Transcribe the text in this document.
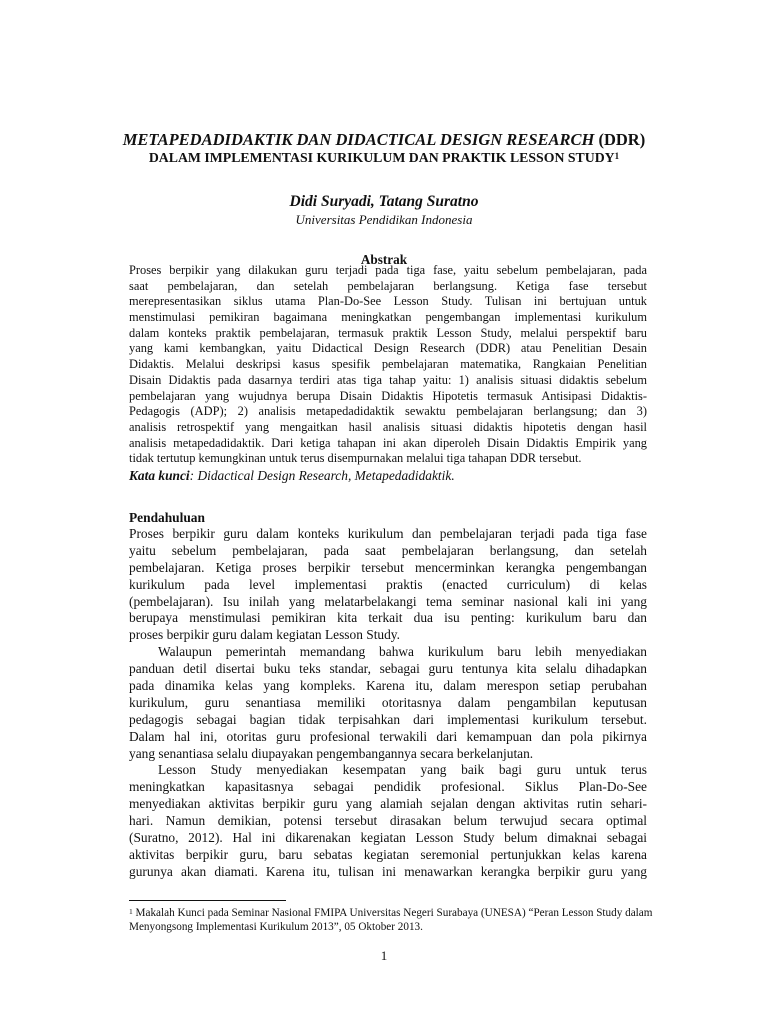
METAPEDADIDAKTIK DAN DIDACTICAL DESIGN RESEARCH (DDR)
DALAM IMPLEMENTASI KURIKULUM DAN PRAKTIK LESSON STUDY$^1$
Didi Suryadi, Tatang Suratno
Universitas Pendidikan Indonesia
Abstrak
Proses berpikir yang dilakukan guru terjadi pada tiga fase, yaitu sebelum pembelajaran, pada
saat pembelajaran, dan setelah pembelajaran berlangsung. Ketiga fase tersebut
merepresentasikan siklus utama Plan-Do-See Lesson Study. Tulisan ini bertujuan untuk
menstimulasi pemikiran bagaimana meningkatkan pengembangan implementasi kurikulum
dalam konteks praktik pembelajaran, termasuk praktik Lesson Study, melalui perspektif baru
yang kami kembangkan, yaitu Didactical Design Research (DDR) atau Penelitian Desain
Didaktis. Melalui deskripsi kasus spesifik pembelajaran matematika, Rangkaian Penelitian
Disain Didaktis pada dasarnya terdiri atas tiga tahap yaitu: 1) analisis situasi didaktis sebelum
pembelajaran yang wujudnya berupa Disain Didaktis Hipotetis termasuk Antisipasi Didaktis-
Pedagogis (ADP); 2) analisis metapedadidaktik sewaktu pembelajaran berlangsung; dan 3)
analisis retrospektif yang mengaitkan hasil analisis situasi didaktis hipotetis dengan hasil
analisis metapedadidaktik. Dari ketiga tahapan ini akan diperoleh Disain Didaktis Empirik yang
tidak tertutup kemungkinan untuk terus disempurnakan melalui tiga tahapan DDR tersebut.
Kata kunci: Didactical Design Research, Metapedadidaktik.
Pendahuluan
Proses berpikir guru dalam konteks kurikulum dan pembelajaran terjadi pada tiga fase
yaitu sebelum pembelajaran, pada saat pembelajaran berlangsung, dan setelah
pembelajaran. Ketiga proses berpikir tersebut mencerminkan kerangka pengembangan
kurikulum pada level implementasi praktis (enacted curriculum) di kelas
(pembelajaran). Isu inilah yang melatarbelakangi tema seminar nasional kali ini yang
berupaya menstimulasi pemikiran kita terkait dua isu penting: kurikulum baru dan
proses berpikir guru dalam kegiatan Lesson Study.
Walaupun pemerintah memandang bahwa kurikulum baru lebih menyediakan
panduan detil disertai buku teks standar, sebagai guru tentunya kita selalu dihadapkan
pada dinamika kelas yang kompleks. Karena itu, dalam merespon setiap perubahan
kurikulum, guru senantiasa memiliki otoritasnya dalam pengambilan keputusan
pedagogis sebagai bagian tidak terpisahkan dari implementasi kurikulum tersebut.
Dalam hal ini, otoritas guru profesional terwakili dari kemampuan dan pola pikirnya
yang senantiasa selalu diupayakan pengembangannya secara berkelanjutan.
Lesson Study menyediakan kesempatan yang baik bagi guru untuk terus
meningkatkan kapasitasnya sebagai pendidik profesional. Siklus Plan-Do-See
menyediakan aktivitas berpikir guru yang alamiah sejalan dengan aktivitas rutin sehari-
hari. Namun demikian, potensi tersebut dirasakan belum terwujud secara optimal
(Suratno, 2012). Hal ini dikarenakan kegiatan Lesson Study belum dimaknai sebagai
aktivitas berpikir guru, baru sebatas kegiatan seremonial pertunjukkan kelas karena
gurunya akan diamati. Karena itu, tulisan ini menawarkan kerangka berpikir guru yang
$^1$ Makalah Kunci pada Seminar Nasional FMIPA Universitas Negeri Surabaya (UNESA) “Peran Lesson Study dalam Menyongsong Implementasi Kurikulum 2013”, 05 Oktober 2013.
1
